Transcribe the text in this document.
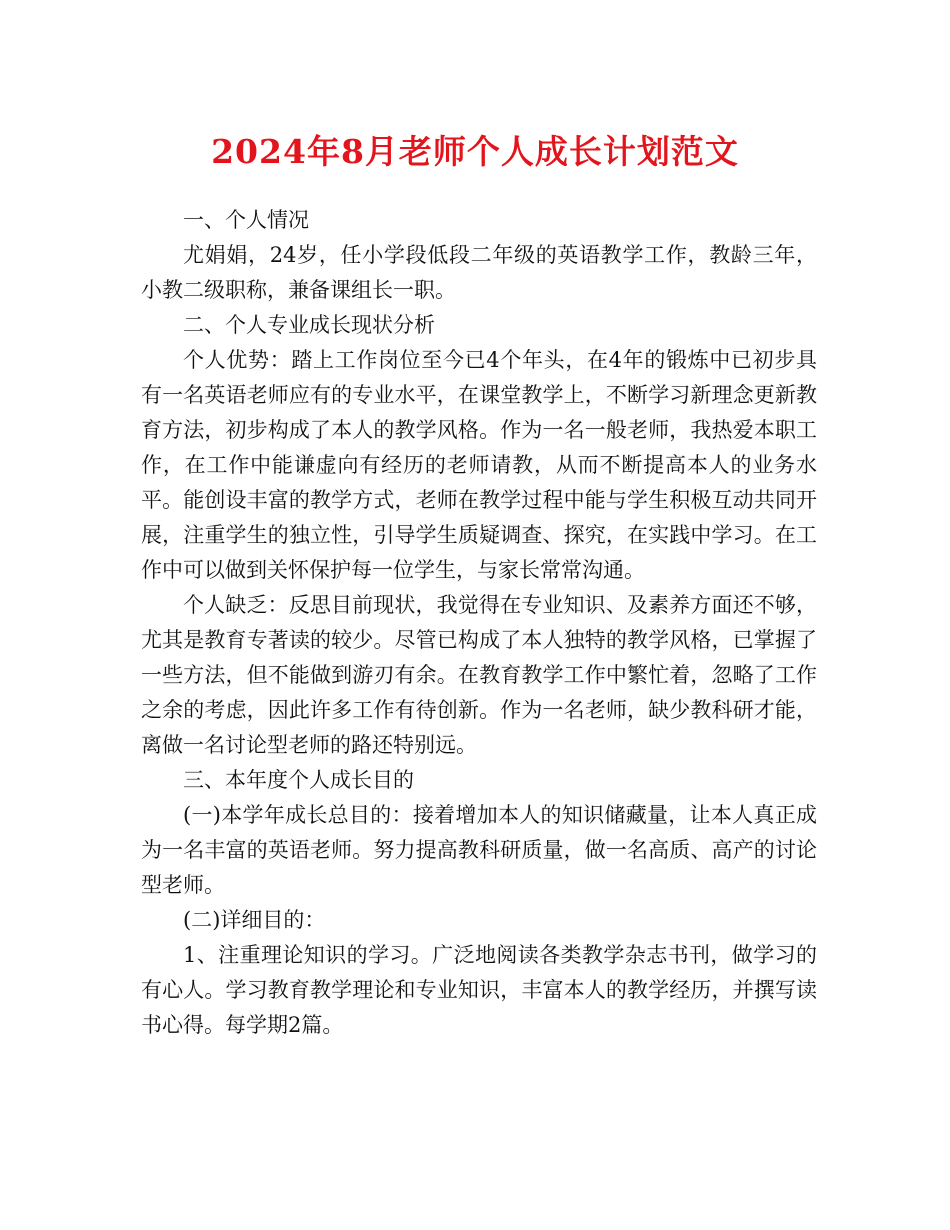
2024年8月老师个人成长计划范文

一、个人情况

尤娟娟，24岁，任小学段低段二年级的英语教学工作，教龄三年，小教二级职称，兼备课组长一职。

二、个人专业成长现状分析

个人优势：踏上工作岗位至今已4个年头，在4年的锻炼中已初步具有一名英语老师应有的专业水平，在课堂教学上，不断学习新理念更新教育方法，初步构成了本人的教学风格。作为一名一般老师，我热爱本职工作，在工作中能谦虚向有经历的老师请教，从而不断提高本人的业务水平。能创设丰富的教学方式，老师在教学过程中能与学生积极互动共同开展，注重学生的独立性，引导学生质疑调查、探究，在实践中学习。在工作中可以做到关怀保护每一位学生，与家长常常沟通。

个人缺乏：反思目前现状，我觉得在专业知识、及素养方面还不够，尤其是教育专著读的较少。尽管已构成了本人独特的教学风格，已掌握了一些方法，但不能做到游刃有余。在教育教学工作中繁忙着，忽略了工作之余的考虑，因此许多工作有待创新。作为一名老师，缺少教科研才能，离做一名讨论型老师的路还特别远。

三、本年度个人成长目的

(一)本学年成长总目的：接着增加本人的知识储藏量，让本人真正成为一名丰富的英语老师。努力提高教科研质量，做一名高质、高产的讨论型老师。

(二)详细目的：

1、注重理论知识的学习。广泛地阅读各类教学杂志书刊，做学习的有心人。学习教育教学理论和专业知识，丰富本人的教学经历，并撰写读书心得。每学期2篇。
